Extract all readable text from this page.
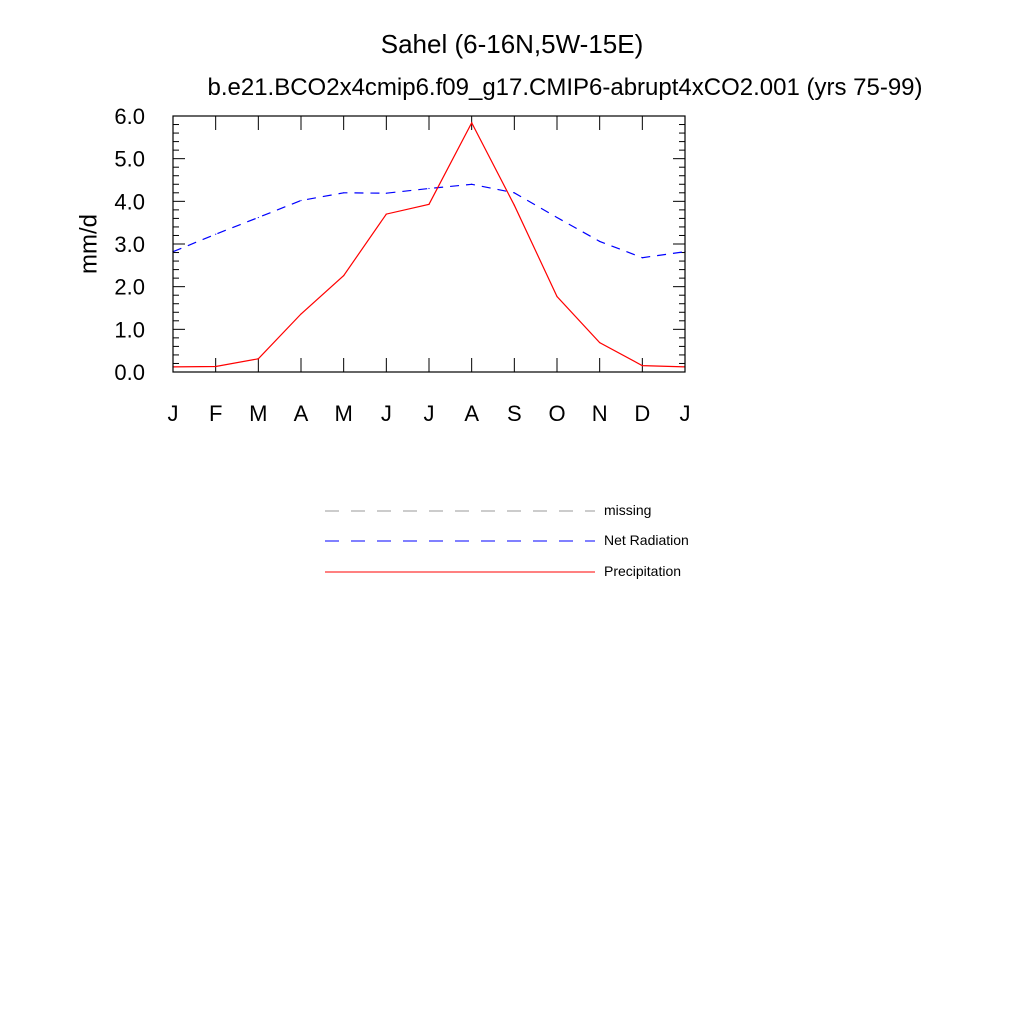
Sahel (6-16N,5W-15E)
b.e21.BCO2x4cmip6.f09_g17.CMIP6-abrupt4xCO2.001 (yrs 75-99)
J F M A M J J A S O N D J
0.0
1.0
2.0
3.0
4.0
5.0
6.0
mm/d
missing
Net Radiation
Precipitation
